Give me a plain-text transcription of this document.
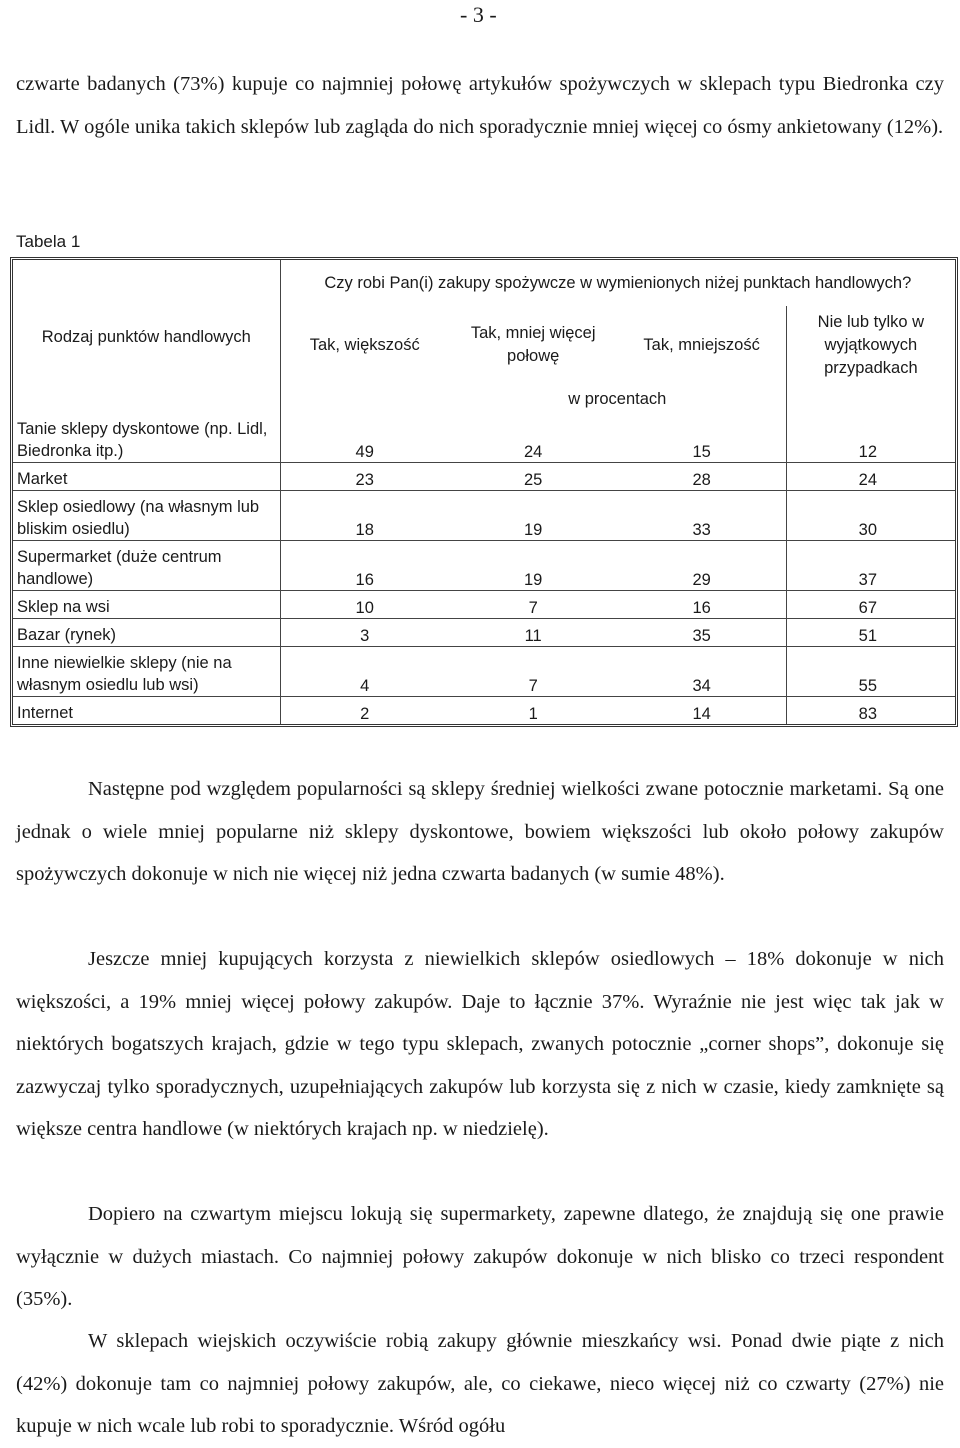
- 3 -

czwarte badanych (73%) kupuje co najmniej połowę artykułów spożywczych w sklepach typu Biedronka czy Lidl. W ogóle unika takich sklepów lub zagląda do nich sporadycznie mniej więcej co ósmy ankietowany (12%).

Tabela 1
Rodzaj punktów handlowych	Czy robi Pan(i) zakupy spożywcze w wymienionych niżej punktach handlowych?			
	Tak, większość	Tak, mniej więcej połowę	Tak, mniejszość	Nie lub tylko w wyjątkowych przypadkach
		w procentach		
Tanie sklepy dyskontowe (np. Lidl, Biedronka itp.)	49	24	15	12
Market	23	25	28	24
Sklep osiedlowy (na własnym lub bliskim osiedlu)	18	19	33	30
Supermarket (duże centrum handlowe)	16	19	29	37
Sklep na wsi	10	7	16	67
Bazar (rynek)	3	11	35	51
Inne niewielkie sklepy (nie na własnym osiedlu lub wsi)	4	7	34	55
Internet	2	1	14	83

Następne pod względem popularności są sklepy średniej wielkości zwane potocznie marketami. Są one jednak o wiele mniej popularne niż sklepy dyskontowe, bowiem większości lub około połowy zakupów spożywczych dokonuje w nich nie więcej niż jedna czwarta badanych (w sumie 48%).

Jeszcze mniej kupujących korzysta z niewielkich sklepów osiedlowych – 18% dokonuje w nich większości, a 19% mniej więcej połowy zakupów. Daje to łącznie 37%. Wyraźnie nie jest więc tak jak w niektórych bogatszych krajach, gdzie w tego typu sklepach, zwanych potocznie „corner shops”, dokonuje się zazwyczaj tylko sporadycznych, uzupełniających zakupów lub korzysta się z nich w czasie, kiedy zamknięte są większe centra handlowe (w niektórych krajach np. w niedzielę).

Dopiero na czwartym miejscu lokują się supermarkety, zapewne dlatego, że znajdują się one prawie wyłącznie w dużych miastach. Co najmniej połowy zakupów dokonuje w nich blisko co trzeci respondent (35%).

W sklepach wiejskich oczywiście robią zakupy głównie mieszkańcy wsi. Ponad dwie piąte z nich (42%) dokonuje tam co najmniej połowy zakupów, ale, co ciekawe, nieco więcej niż co czwarty (27%) nie kupuje w nich wcale lub robi to sporadycznie. Wśród ogółu
